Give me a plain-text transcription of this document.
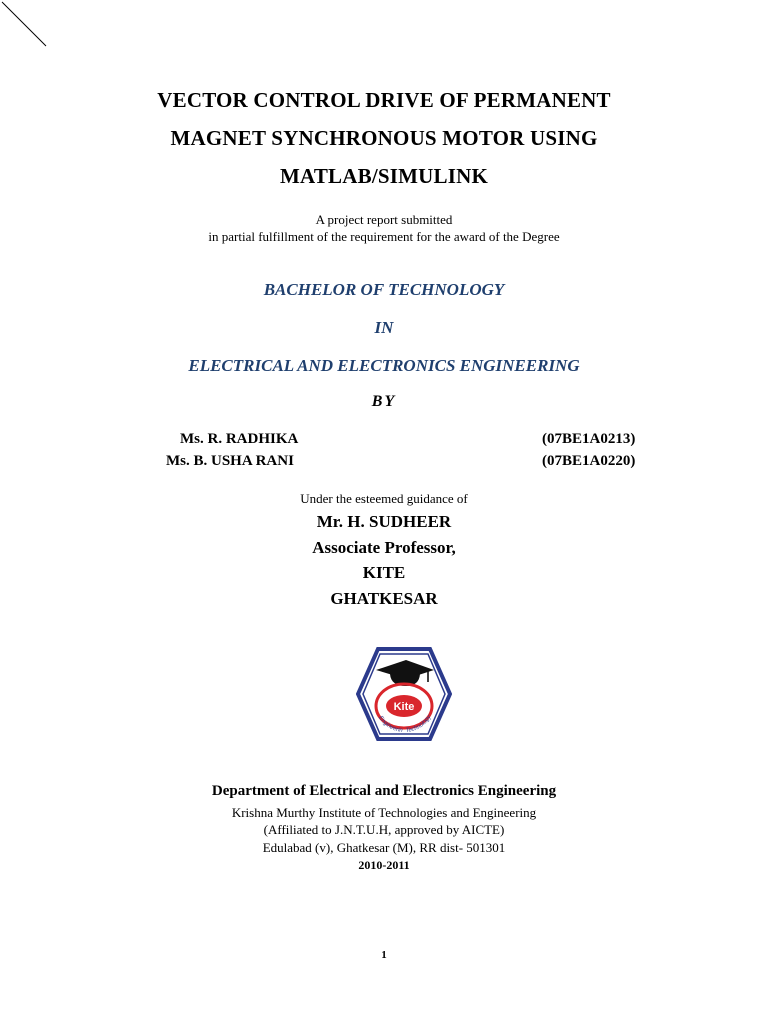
VECTOR CONTROL DRIVE OF PERMANENT
MAGNET SYNCHRONOUS MOTOR USING
MATLAB/SIMULINK
A project report submitted
in partial fulfillment of the requirement for the award of the Degree
BACHELOR OF TECHNOLOGY
IN
ELECTRICAL AND ELECTRONICS ENGINEERING
BY
Ms. R. RADHIKA	(07BE1A0213)
Ms. B. USHA RANI	(07BE1A0220)
Under the esteemed guidance of
Mr. H. SUDHEER
Associate Professor,
KITE
GHATKESAR
Kite
Engineerin Technology
Department of Electrical and Electronics Engineering
Krishna Murthy Institute of Technologies and Engineering
(Affiliated to J.N.T.U.H, approved by AICTE)
Edulabad (v), Ghatkesar (M), RR dist- 501301
2010-2011
1
